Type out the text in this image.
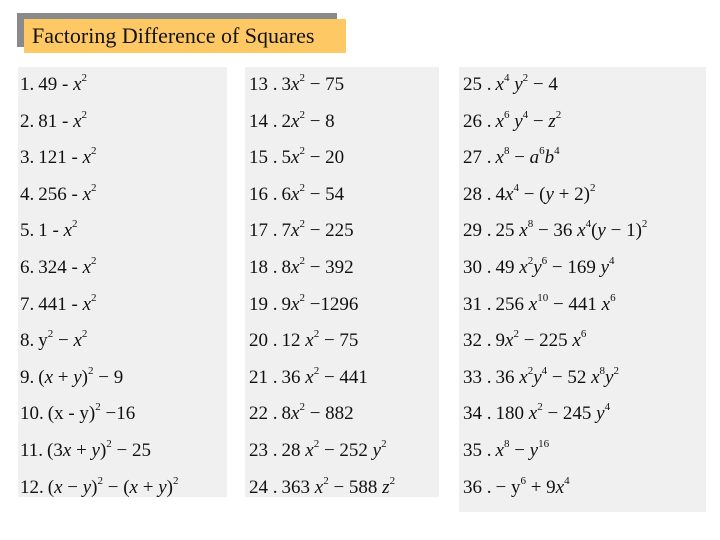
Factoring Difference of Squares
1. $49 - x^2$
2. $81 - x^2$
3. $121 - x^2$
4. $256 - x^2$
5. $1 - x^2$
6. $324 - x^2$
7. $441 - x^2$
8. $y^2 - x^2$
9. $(x + y)^2 - 9$
10. (x - y)$^2$ −16
11. $(3x + y)^2 - 25$
12. $(x - y)^2 - (x + y)^2$
13 . $3x^2 - 75$
14 . $2x^2 - 8$
15 . $5x^2 - 20$
16 . $6x^2 - 54$
17 . $7x^2 - 225$
18 . $8x^2 - 392$
19 . $9x^2 -1296$
20 . 12 $x^2 - 75$
21 . 36 $x^2 - 441$
22 . $8x^2 - 882$
23 . 28 $x^2 - 252$ $y^2$
24 . 363 $x^2 - 588$ $z^2$
25 . $x^4$ $y^2 - 4$
26 . $x^6$ $y^4 - z^2$
27 . $x^8 - a^6b^4$
28 . $4x^4 - (y + 2)^2$
29 . 25 $x^8 - 36$ $x^4(y - 1)^2$
30 . 49 $x^2y^6 - 169$ $y^4$
31 . 256 $x^{10} - 441$ $x^6$
32 . $9x^2 - 225$ $x^6$
33 . 36 $x^2y^4 - 52$ $x^8y^2$
34 . 180 $x^2 - 245$ $y^4$
35 . $x^8 - y^{16}$
36 . − $y^6 + 9x^4$
